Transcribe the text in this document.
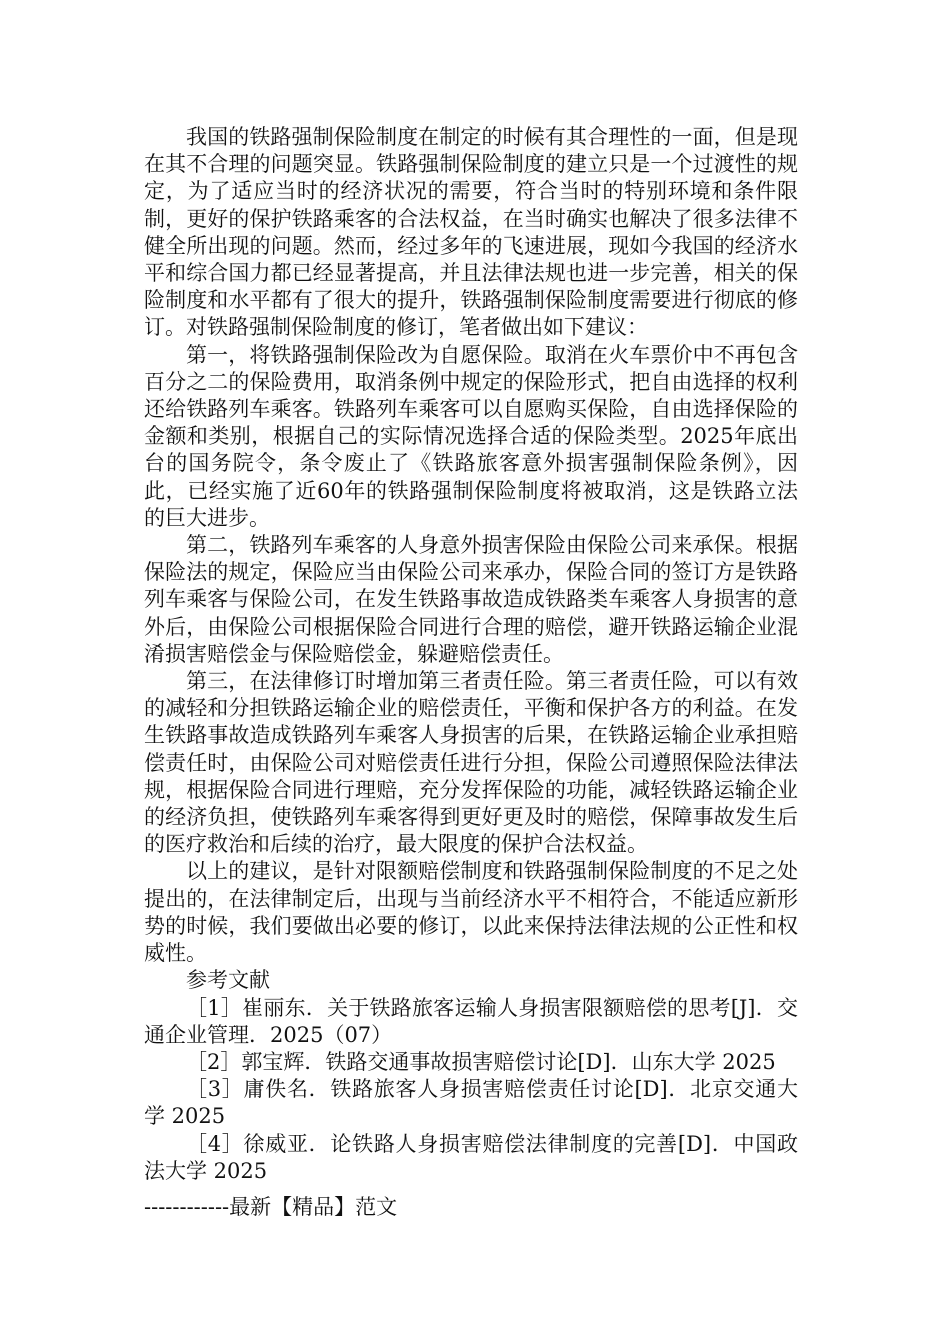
我国的铁路强制保险制度在制定的时候有其合理性的一面，但是现在其不合理的问题突显。铁路强制保险制度的建立只是一个过渡性的规定，为了适应当时的经济状况的需要，符合当时的特别环境和条件限制，更好的保护铁路乘客的合法权益，在当时确实也解决了很多法律不健全所出现的问题。然而，经过多年的飞速进展，现如今我国的经济水平和综合国力都已经显著提高，并且法律法规也进一步完善，相关的保险制度和水平都有了很大的提升，铁路强制保险制度需要进行彻底的修订。对铁路强制保险制度的修订，笔者做出如下建议：

第一，将铁路强制保险改为自愿保险。取消在火车票价中不再包含百分之二的保险费用，取消条例中规定的保险形式，把自由选择的权利还给铁路列车乘客。铁路列车乘客可以自愿购买保险，自由选择保险的金额和类别，根据自己的实际情况选择合适的保险类型。2025年底出台的国务院令，条令废止了《铁路旅客意外损害强制保险条例》，因此，已经实施了近60年的铁路强制保险制度将被取消，这是铁路立法的巨大进步。

第二，铁路列车乘客的人身意外损害保险由保险公司来承保。根据保险法的规定，保险应当由保险公司来承办，保险合同的签订方是铁路列车乘客与保险公司，在发生铁路事故造成铁路类车乘客人身损害的意外后，由保险公司根据保险合同进行合理的赔偿，避开铁路运输企业混淆损害赔偿金与保险赔偿金，躲避赔偿责任。

第三，在法律修订时增加第三者责任险。第三者责任险，可以有效的减轻和分担铁路运输企业的赔偿责任，平衡和保护各方的利益。在发生铁路事故造成铁路列车乘客人身损害的后果，在铁路运输企业承担赔偿责任时，由保险公司对赔偿责任进行分担，保险公司遵照保险法律法规，根据保险合同进行理赔，充分发挥保险的功能，减轻铁路运输企业的经济负担，使铁路列车乘客得到更好更及时的赔偿，保障事故发生后的医疗救治和后续的治疗，最大限度的保护合法权益。

以上的建议，是针对限额赔偿制度和铁路强制保险制度的不足之处提出的，在法律制定后，出现与当前经济水平不相符合，不能适应新形势的时候，我们要做出必要的修订，以此来保持法律法规的公正性和权威性。

参考文献

［1］崔丽东．关于铁路旅客运输人身损害限额赔偿的思考[J]．交通企业管理．2025（07）

［2］郭宝辉．铁路交通事故损害赔偿讨论[D]．山东大学 2025

［3］庸佚名．铁路旅客人身损害赔偿责任讨论[D]．北京交通大学 2025

［4］徐威亚．论铁路人身损害赔偿法律制度的完善[D]．中国政法大学 2025

------------最新【精品】范文
